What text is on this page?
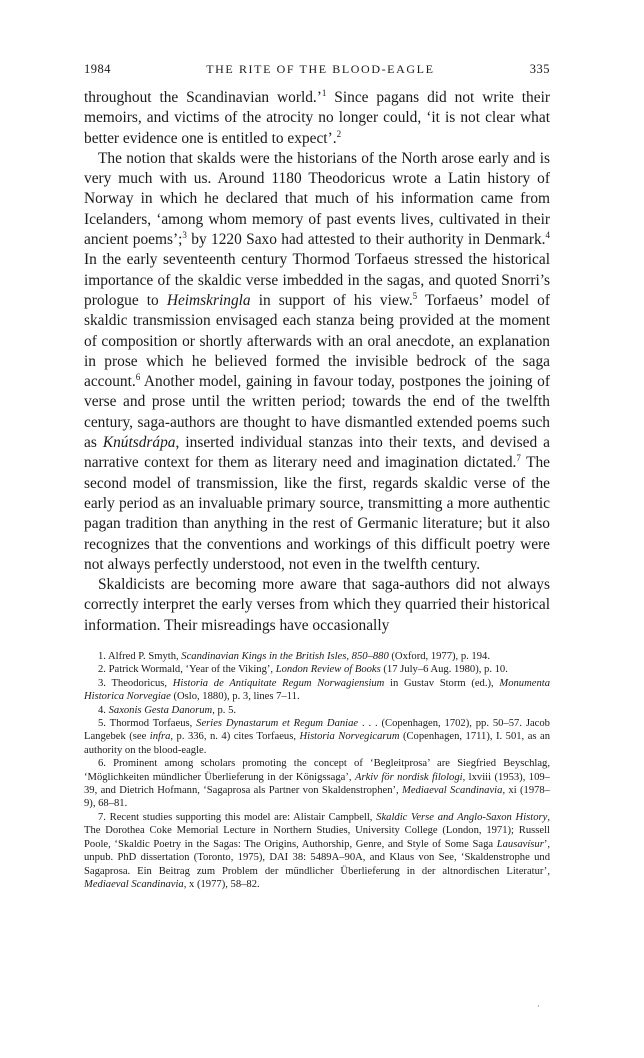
1984	THE RITE OF THE BLOOD-EAGLE	335

throughout the Scandinavian world.’$^1$ Since pagans did not write their memoirs, and victims of the atrocity no longer could, ‘it is not clear what better evidence one is entitled to expect’.$^2$

The notion that skalds were the historians of the North arose early and is very much with us. Around 1180 Theodoricus wrote a Latin history of Norway in which he declared that much of his information came from Icelanders, ‘among whom memory of past events lives, cultivated in their ancient poems’;$^3$ by 1220 Saxo had attested to their authority in Denmark.$^4$ In the early seventeenth century Thormod Torfaeus stressed the historical importance of the skaldic verse imbedded in the sagas, and quoted Snorri’s prologue to Heimskringla in support of his view.$^5$ Torfaeus’ model of skaldic transmission envisaged each stanza being provided at the moment of composition or shortly afterwards with an oral anecdote, an explanation in prose which he believed formed the invisible bedrock of the saga account.$^6$ Another model, gaining in favour today, postpones the joining of verse and prose until the written period; towards the end of the twelfth century, saga-authors are thought to have dismantled extended poems such as Knútsdrápa, inserted individual stanzas into their texts, and devised a narrative context for them as literary need and imagination dictated.$^7$ The second model of transmission, like the first, regards skaldic verse of the early period as an invaluable primary source, transmitting a more authentic pagan tradition than anything in the rest of Germanic literature; but it also recognizes that the conventions and workings of this difficult poetry were not always perfectly understood, not even in the twelfth century.

Skaldicists are becoming more aware that saga-authors did not always correctly interpret the early verses from which they quarried their historical information. Their misreadings have occasionally

1. Alfred P. Smyth, Scandinavian Kings in the British Isles, 850–880 (Oxford, 1977), p. 194.

2. Patrick Wormald, ‘Year of the Viking’, London Review of Books (17 July–6 Aug. 1980), p. 10.

3. Theodoricus, Historia de Antiquitate Regum Norwagiensium in Gustav Storm (ed.), Monumenta Historica Norvegiae (Oslo, 1880), p. 3, lines 7–11.

4. Saxonis Gesta Danorum, p. 5.

5. Thormod Torfaeus, Series Dynastarum et Regum Daniae . . . (Copenhagen, 1702), pp. 50–57. Jacob Langebek (see infra, p. 336, n. 4) cites Torfaeus, Historia Norvegicarum (Copenhagen, 1711), I. 501, as an authority on the blood-eagle.

6. Prominent among scholars promoting the concept of ‘Begleitprosa’ are Siegfried Beyschlag, ‘Möglichkeiten mündlicher Überlieferung in der Königssaga’, Arkiv för nordisk filologi, lxviii (1953), 109–39, and Dietrich Hofmann, ‘Sagaprosa als Partner von Skaldenstrophen’, Mediaeval Scandinavia, xi (1978–9), 68–81.

7. Recent studies supporting this model are: Alistair Campbell, Skaldic Verse and Anglo-Saxon History, The Dorothea Coke Memorial Lecture in Northern Studies, University College (London, 1971); Russell Poole, ‘Skaldic Poetry in the Sagas: The Origins, Authorship, Genre, and Style of Some Saga Lausavísur’, unpub. PhD dissertation (Toronto, 1975), DAI 38: 5489A–90A, and Klaus von See, ‘Skaldenstrophe und Sagaprosa. Ein Beitrag zum Problem der mündlicher Überlieferung in der altnordischen Literatur’, Mediaeval Scandinavia, x (1977), 58–82.

·
